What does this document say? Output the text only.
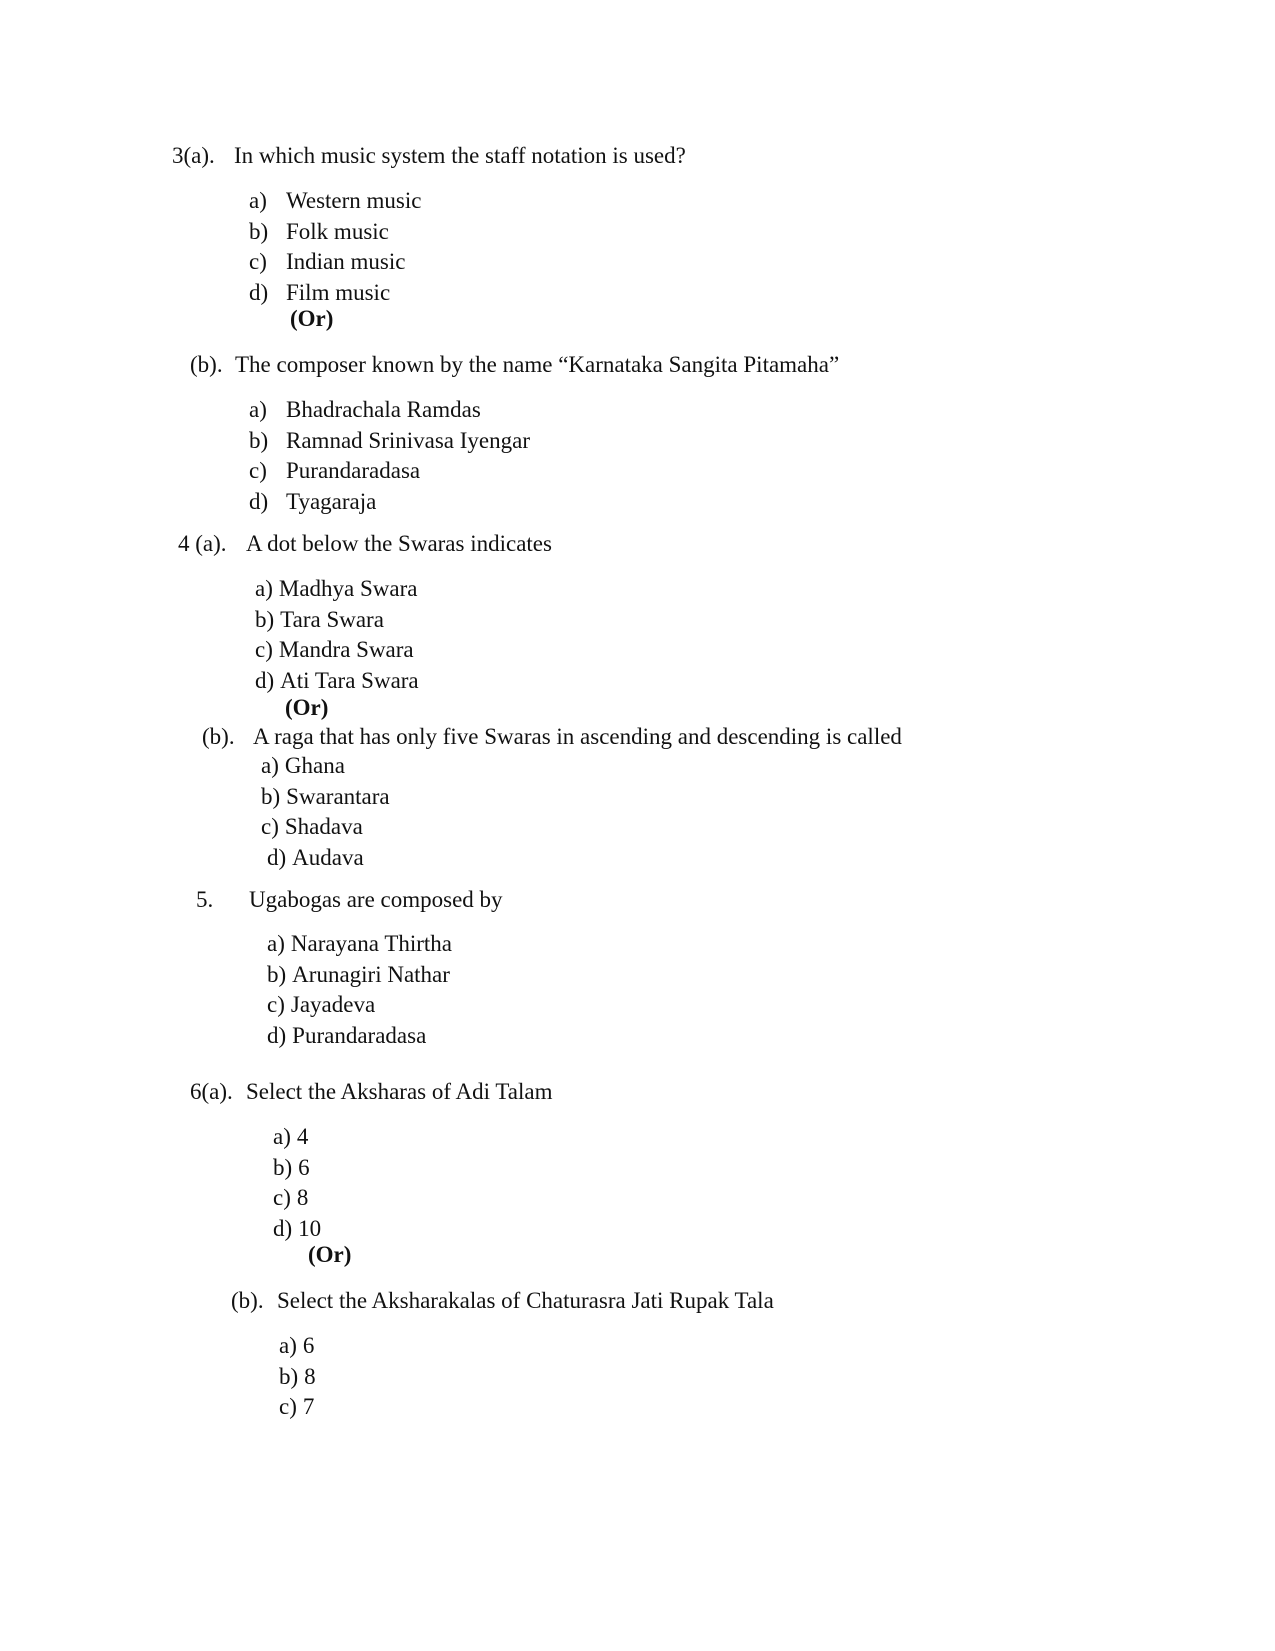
3(a). In which music system the staff notation is used?
a) Western music
b) Folk music
c) Indian music
d) Film music
(Or)
(b). The composer known by the name “Karnataka Sangita Pitamaha”
a) Bhadrachala Ramdas
b) Ramnad Srinivasa Iyengar
c) Purandaradasa
d) Tyagaraja
4 (a). A dot below the Swaras indicates
a) Madhya Swara
b) Tara Swara
c) Mandra Swara
d) Ati Tara Swara
(Or)
(b). A raga that has only five Swaras in ascending and descending is called
a) Ghana
b) Swarantara
c) Shadava
d) Audava
5. Ugabogas are composed by
a) Narayana Thirtha
b) Arunagiri Nathar
c) Jayadeva
d) Purandaradasa
6(a). Select the Aksharas of Adi Talam
a) 4
b) 6
c) 8
d) 10
(Or)
(b). Select the Aksharakalas of Chaturasra Jati Rupak Tala
a) 6
b) 8
c) 7
